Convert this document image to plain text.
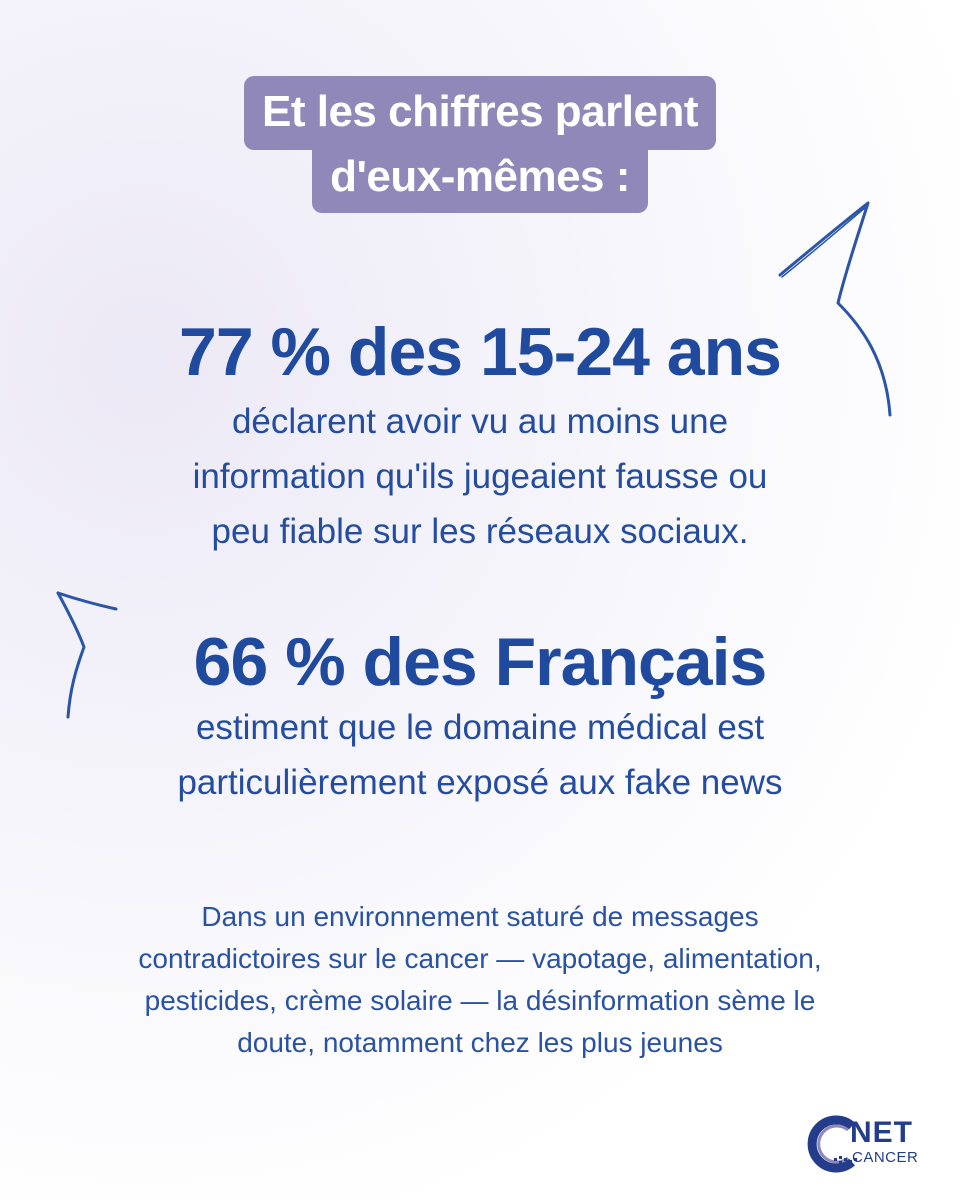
Et les chiffres parlent
d'eux-mêmes :
77 % des 15-24 ans
déclarent avoir vu au moins une
information qu'ils jugeaient fausse ou
peu fiable sur les réseaux sociaux.
66 % des Français
estiment que le domaine médical est
particulièrement exposé aux fake news
Dans un environnement saturé de messages
contradictoires sur le cancer — vapotage, alimentation,
pesticides, crème solaire — la désinformation sème le
doute, notamment chez les plus jeunes
NET
CANCER
